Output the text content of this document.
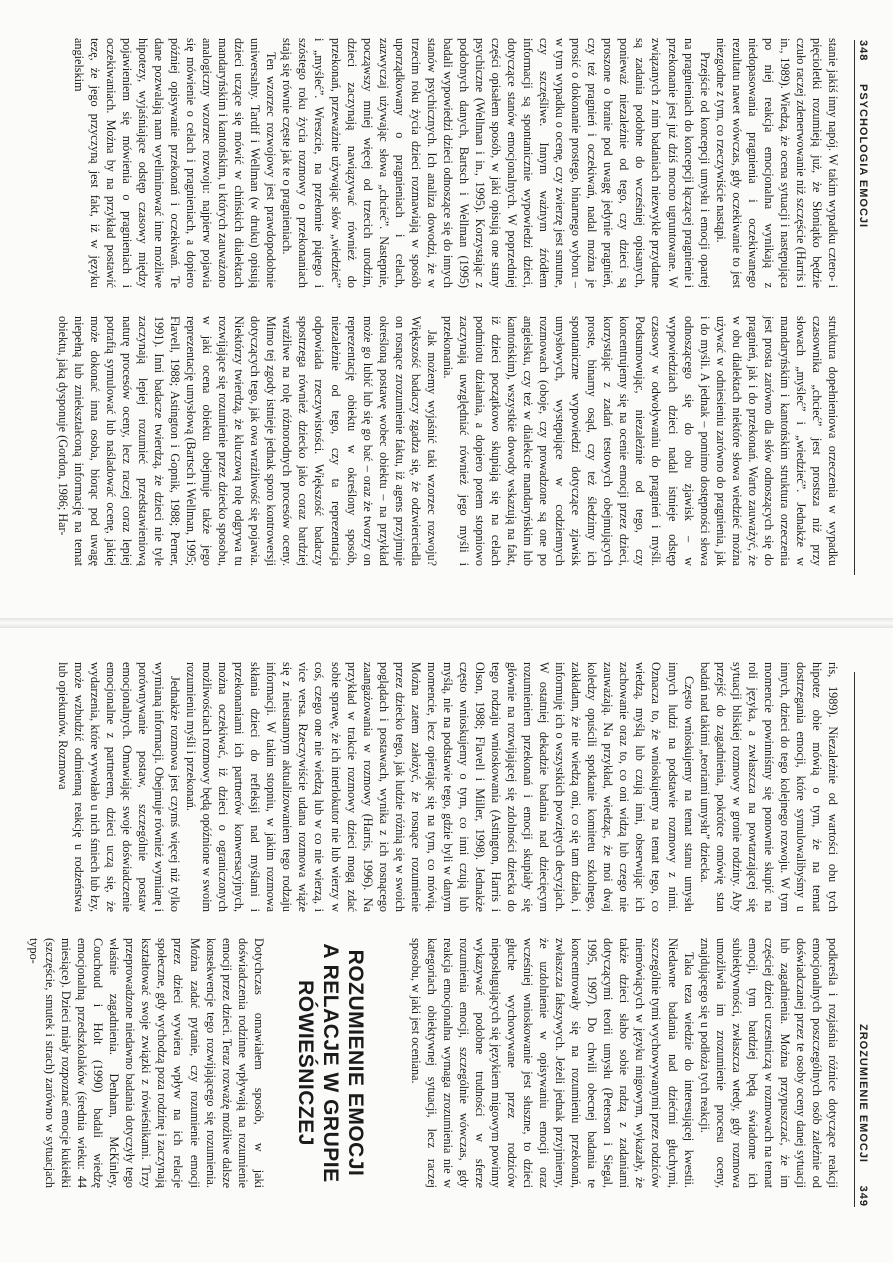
348
PSYCHOLOGIA EMOCJI

stanie jakiś inny napój. W takim wypadku cztero- i pięcioletki rozumieją już, że Słoniątko będzie czuło raczej zdenerwowanie niż szczęście (Harris i in., 1989). Wiedzą, że ocena sytuacji i następująca po niej reakcja emocjonalna wynikają z niedopasowania pragnienia i oczekiwanego rezultatu nawet wówczas, gdy oczekiwanie to jest niezgodne z tym, co rzeczywiście nastąpi.

Przejście od koncepcji umysłu i emocji opartej na pragnieniach do koncepcji łączącej pragnienie i przekonanie jest już dziś mocno ugruntowane. W związanych z nim badaniach niezwykle przydatne są zadania podobne do wcześniej opisanych, ponieważ niezależnie od tego, czy dzieci są proszone o branie pod uwagę jedynie pragnień, czy też pragnień i oczekiwań, nadal można je prosić o dokonanie prostego, binarnego wyboru – w tym wypadku o ocenę, czy zwierzę jest smutne, czy szczęśliwe. Innym ważnym źródłem informacji są spontanicznie wypowiedzi dzieci, dotyczące stanów emocjonalnych. W poprzedniej części opisałem sposób, w jaki opisują one stany psychiczne (Wellman i in., 1995). Korzystając z podobnych danych, Bartsch i Wellman (1995) badali wypowiedzi dzieci odnoszące się do innych stanów psychicznych. Ich analiza dowodzi, że w trzecim roku życia dzieci rozmawiają w sposób uporządkowany o pragnieniach i celach, zazwyczaj używając słowa „chcieć”. Następnie, począwszy mniej więcej od trzecich urodzin, dzieci zaczynają nawiązywać również do przekonań, przeważnie używając słów „wiedzieć” i „myśleć”. Wreszcie, na przełomie piątego i szóstego roku życia rozmowy o przekonaniach stają się równie częste jak te o pragnieniach.

Ten wzorzec rozwojowy jest prawdopodobnie uniwersalny. Tardif i Wellman (w druku) opisują dzieci uczące się mówić w chińskich dialektach mandaryńskim i kantońskim, u których zauważono analogiczny wzorzec rozwoju: najpierw pojawia się mówienie o celach i pragnieniach, a dopiero później opisywanie przekonań i oczekiwań. Te dane pozwalają nam wyeliminować inne możliwe hipotezy, wyjaśniające odstęp czasowy między pojawieniem się mówienia o pragnieniach i oczekiwaniach. Można by na przykład postawić tezę, że jego przyczyną jest fakt, iż w języku angielskim

struktura dopełnieniowa orzeczenia w wypadku czasownika „chcieć” jest prostsza niż przy słowach „myśleć” i „wiedzieć”. Jednakże w mandaryńskim i kantońskim struktura orzeczenia jest prosta zarówno dla słów odnoszących się do pragnień, jak i do przekonań. Warto zauważyć, że w obu dialektach niektóre słowa wiedzieć można używać w odniesieniu zarówno do pragnienia, jak i do myśli. A jednak – pomimo dostępności słowa odnoszącego się do obu zjawisk – w wypowiedziach dzieci nadal istnieje odstęp czasowy w odwoływaniu do pragnień i myśli. Podsumowując, niezależnie od tego, czy koncentrujemy się na ocenie emocji przez dzieci, korzystając z zadań testowych obejmujących proste, binarny osąd, czy też śledzimy ich spontaniczne wypowiedzi dotyczące zjawisk umysłowych, występujące w codziennych rozmowach (oboje, czy prowadzone są one po angielsku, czy też w dialekcie mandaryńskim lub kantońskim), wszystkie dowody wskazują na fakt, iż dzieci początkowo skupiają się na celach podmiotu działania, a dopiero potem stopniowo zaczynają uwzględniać również jego myśli i przekonania.

Jak możemy wyjaśnić taki wzorzec rozwoju? Większość badaczy zgadza się, że odzwierciedla on rosnące zrozumienie faktu, iż agens przyjmuje określoną postawę wobec obiektu – na przykład może go lubić lub się go bać – oraz że tworzy on reprezentację obiektu w określony sposób, niezależnie od tego, czy ta reprezentacja odpowiada rzeczywistości. Większość badaczy spostrzega również dziecko jako coraz bardziej wrażliwe na rolę różnorodnych procesów oceny. Mimo tej zgody istnieje jednak sporo kontrowersji dotyczących tego, jak owa wrażliwość się pojawia. Niektórzy twierdzą, że kluczową rolę odgrywa tu rozwijające się rozumienie przez dziecko sposobu, w jaki ocena obiektu obejmuje także jego reprezentację umysłową (Bartsch i Wellman, 1995; Flavell, 1988; Astington i Gopnik, 1988; Perner, 1991). Inni badacze twierdzą, że dzieci nie tyle zaczynają lepiej rozumieć przedstawieniową naturę procesów oceny, lecz raczej coraz lepiej potrafią symulować lub naśladować ocenę, jakiej może dokonać inna osoba, biorąc pod uwagę niepełną lub zniekształconą informację na temat obiektu, jaką dysponuje (Gordon, 1986; Har-

ZROZUMIENIE EMOCJI
349

ris, 1989). Niezależnie od wartości obu tych hipotez obie mówią o tym, że na temat dostrzegania emocji, które symulowalibyśmy u innych, dzieci do tego kolejnego rozwoju. W tym momencie powinniśmy się ponownie skupić na roli języka, a zwłaszcza na powtarzającej się sytuacji bliskiej rozmowy w gronie rodziny. Aby przejść do zagadnienia, pokrótce omówię stan badań nad takimi „teoriami umysłu” dziecka.

Często wnioskujemy na temat stanu umysłu innych ludzi na podstawie rozmowy z nimi. Oznacza to, że wnioskujemy na temat tego, co wiedzą, myślą lub czują inni, obserwując ich zachowanie oraz to, co oni widzą lub czego nie zauważają. Na przykład, wiedząc, że moi dwaj koledzy opuścili spotkanie komitetu szkolnego, zakładam, że nie wiedzą oni, co się tam działo, i informuję ich o wszystkich powziętych decyzjach. W ostatniej dekadzie badania nad dziecięcym rozumieniem przekonań i emocji skupiały się głównie na rozwijającej się zdolności dziecka do tego rodzaju wnioskowania (Astington, Harris i Olson, 1988; Flavell i Miller, 1998). Jednakże często wnioskujemy o tym, co inni czują lub myślą, nie na podstawie tego, gdzie byli w danym momencie, lecz opierając się na tym, co mówią. Można zatem założyć, że rosnące rozumienie przez dziecko tego, jak ludzie różnią się w swoich poglądach i postawach, wynika z ich rosnącego zaangażowania w rozmowy (Harris, 1996). Na przykład w trakcie rozmowy dzieci mogą zdać sobie sprawę, że ich interlokutor nie lub wierzy w coś, czego one nie wiedzą lub w co nie wierzą, i vice versa. Rzeczywiście udana rozmowa wiąże się z nieustannym aktualizowaniem tego rodzaju informacji. W takim stopniu, w jakim rozmowa skłania dzieci do refleksji nad myślami i przekonaniami ich partnerów konwersacyjnych, można oczekiwać, iż dzieci o ograniczonych możliwościach rozmowy będą opóźnione w swoim rozumieniu myśli i przekonań.

Jednakże rozmowa jest czymś więcej niż tylko wymianą informacji. Obejmuje również wymianę i porównywanie postaw, szczególnie postaw emocjonalnych. Omawiając swoje doświadczenie emocjonalne z partnerem, dzieci uczą się, że wydarzenia, które wywołało u nich śmiech lub łzy, może wzbudzić odmienną reakcję u rodzeństwa lub opiekunów. Rozmowa

podkreśla i rozjaśnia różnice dotyczące reakcji emocjonalnych poszczególnych osób zależnie od doświadczanej przez te osoby oceny danej sytuacji lub zagadnienia. Można przypuszczać, że im częściej dzieci uczestniczą w rozmowach na temat emocji, tym bardziej będą świadome ich subiektywności, zwłaszcza wtedy, gdy rozmowa umożliwia im zrozumienie procesu oceny, znajdującego się u podłoża tych reakcji.

Taka teza wiedzie do interesującej kwestii. Niedawne badania nad dziećmi głuchymi, szczególnie tymi wychowywanymi przez rodziców niemówiących w języku migowym, wykazały, że także dzieci słabo sobie radzą z zadaniami dotyczącymi teorii umysłu (Peterson i Siegal, 1995, 1997). Do chwili obecnej badania te koncentrowały się na rozumieniu przekonań, zwłaszcza fałszywych. Jeżeli jednak przyjmiemy, że uzdolnienie w opisywaniu emocji oraz wcześniej wnioskowanie jest słuszne, to dzieci głuche wychowywane przez rodziców nieposługujących się językiem migowym powinny wykazywać podobne trudności w sferze rozumienia emocji, szczególnie wówczas, gdy reakcja emocjonalna wymaga zrozumienia nie w kategoriach obiektywnej sytuacji, lecz raczej sposobu, w jaki jest oceniana.

ROZUMIENIE EMOCJI
A RELACJE W GRUPIE
RÓWIEŚNICZEJ

Dotychczas omawiałem sposób, w jaki doświadczenia rodzinne wpływają na rozumienie emocji przez dzieci. Teraz rozważę możliwe dalsze konsekwencje tego rozwijającego się rozumienia. Można zadać pytanie, czy rozumienie emocji przez dzieci wywiera wpływ na ich relacje społeczne, gdy wychodzą poza rodzinę i zaczynają kształtować swoje związki z rówieśnikami. Trzy przeprowadzone niedawno badania dotyczyły tego właśnie zagadnienia. Denham, McKinley, Couchoud i Holt (1990) badali wiedzę emocjonalną przedszkolaków (średnia wieku: 44 miesiące). Dzieci miały rozpoznać emocje kukiełki (szczęście, smutek i strach) zarówno w sytuacjach typo-
